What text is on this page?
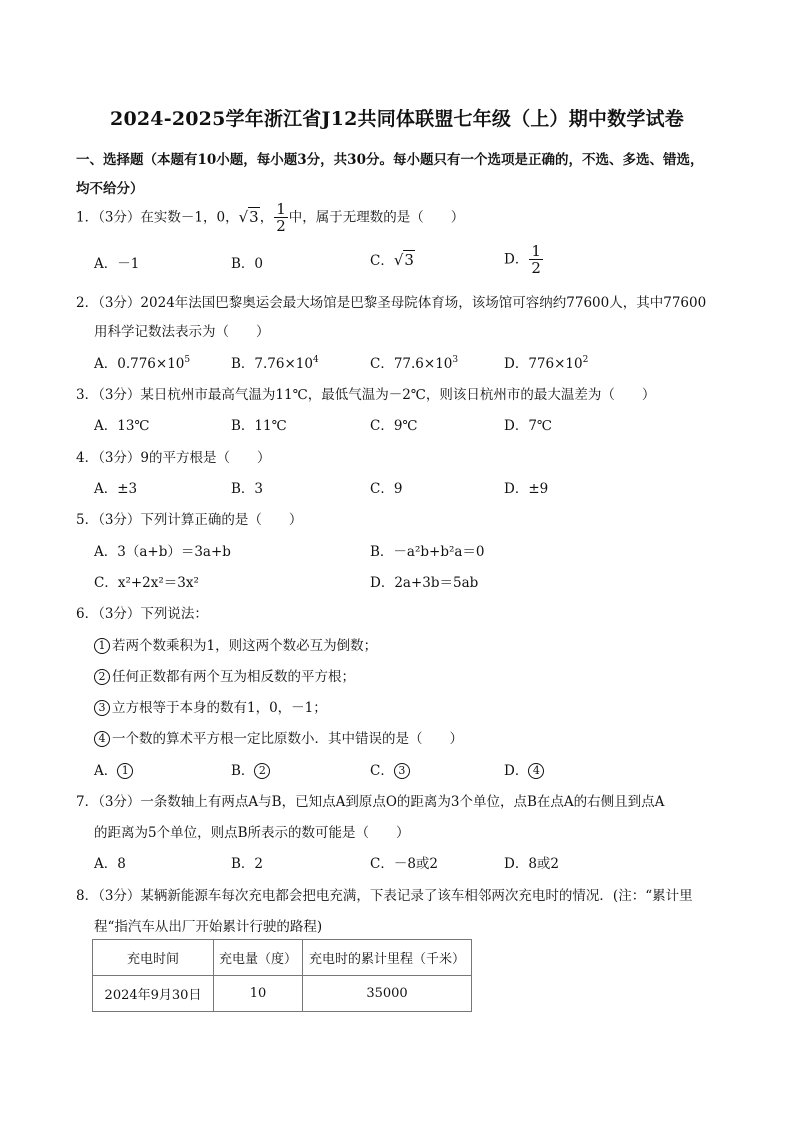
2024-2025学年浙江省J12共同体联盟七年级（上）期中数学试卷
一、选择题（本题有10小题，每小题3分，共30分。每小题只有一个选项是正确的，不选、多选、错选，
均不给分）
1．（3分）在实数－1，0，√3， $\frac{1}{2}$ 中，属于无理数的是（　　）
A．－1	B．0	C．√3	D． $\frac{1}{2}$
2．（3分）2024年法国巴黎奥运会最大场馆是巴黎圣母院体育场，该场馆可容纳约77600人，其中77600
用科学记数法表示为（　　）
A．$0.776\times 10^5$	B．$7.76\times 10^4$	C．$77.6\times 10^3$	D．$776\times 10^2$
3．（3分）某日杭州市最高气温为11℃，最低气温为－2℃，则该日杭州市的最大温差为（　　）
A．13℃	B．11℃	C．9℃	D．7℃
4．（3分）9的平方根是（　　）
A．±3	B．3	C．9	D．±9
5．（3分）下列计算正确的是（　　）
A．3（a+b）＝3a+b	B．－a²b+b²a＝0
C．x²+2x²＝3x²	D．2a+3b＝5ab
6．（3分）下列说法：
1 若两个数乘积为1，则这两个数必互为倒数；
2 任何正数都有两个互为相反数的平方根；
3 立方根等于本身的数有1，0，－1；
4 一个数的算术平方根一定比原数小．其中错误的是（　　）
A． 1	B． 2	C． 3	D． 4
7．（3分）一条数轴上有两点A与B，已知点A到原点O的距离为3个单位，点B在点A的右侧且到点A
的距离为5个单位，则点B所表示的数可能是（　　）
A．8	B．2	C．－8或2	D．8或2
8．（3分）某辆新能源车每次充电都会把电充满，下表记录了该车相邻两次充电时的情况．(注：“累计里
程“指汽车从出厂开始累计行驶的路程)
充电时间	充电量（度）	充电时的累计里程（千米）
2024年9月30日	10	35000
